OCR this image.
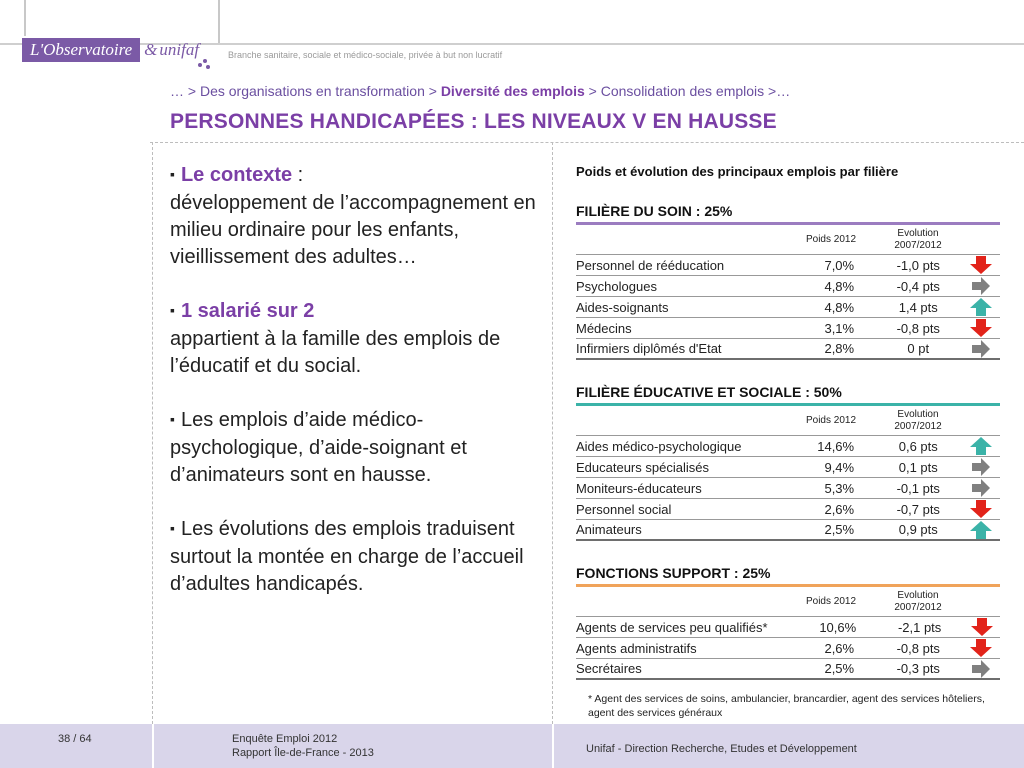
L'Observatoire & unifaf	Branche sanitaire, sociale et médico-sociale, privée à but non lucratif
… > Des organisations en transformation > Diversité des emplois > Consolidation des emplois >…
PERSONNES HANDICAPÉES : LES NIVEAUX V EN HAUSSE
▪ Le contexte :
développement de l’accompagnement en milieu ordinaire pour les enfants, vieillissement des adultes…
▪ 1 salarié sur 2
appartient à la famille des emplois de l’éducatif et du social.
▪ Les emplois d’aide médico-psychologique, d’aide-soignant et d’animateurs sont en hausse.
▪ Les évolutions des emplois traduisent surtout la montée en charge de l’accueil d’adultes handicapés.
Poids et évolution des principaux emplois par filière
FILIÈRE DU SOIN : 25%
Poids 2012
Evolution
2007/2012
Personnel de rééducation	7,0%	-1,0 pts
Psychologues	4,8%	-0,4 pts
Aides-soignants	4,8%	1,4 pts
Médecins	3,1%	-0,8 pts
Infirmiers diplômés d'Etat	2,8%	0 pt
FILIÈRE ÉDUCATIVE ET SOCIALE : 50%
Poids 2012
Evolution
2007/2012
Aides médico-psychologique	14,6%	0,6 pts
Educateurs spécialisés	9,4%	0,1 pts
Moniteurs-éducateurs	5,3%	-0,1 pts
Personnel social	2,6%	-0,7 pts
Animateurs	2,5%	0,9 pts
FONCTIONS SUPPORT : 25%
Poids 2012
Evolution
2007/2012
Agents de services peu qualifiés*	10,6%	-2,1 pts
Agents administratifs	2,6%	-0,8 pts
Secrétaires	2,5%	-0,3 pts
* Agent des services de soins, ambulancier, brancardier, agent des services hôteliers, agent des services généraux
38 / 64	Enquête Emploi 2012
Rapport Île-de-France - 2013	Unifaf - Direction Recherche, Etudes et Développement
